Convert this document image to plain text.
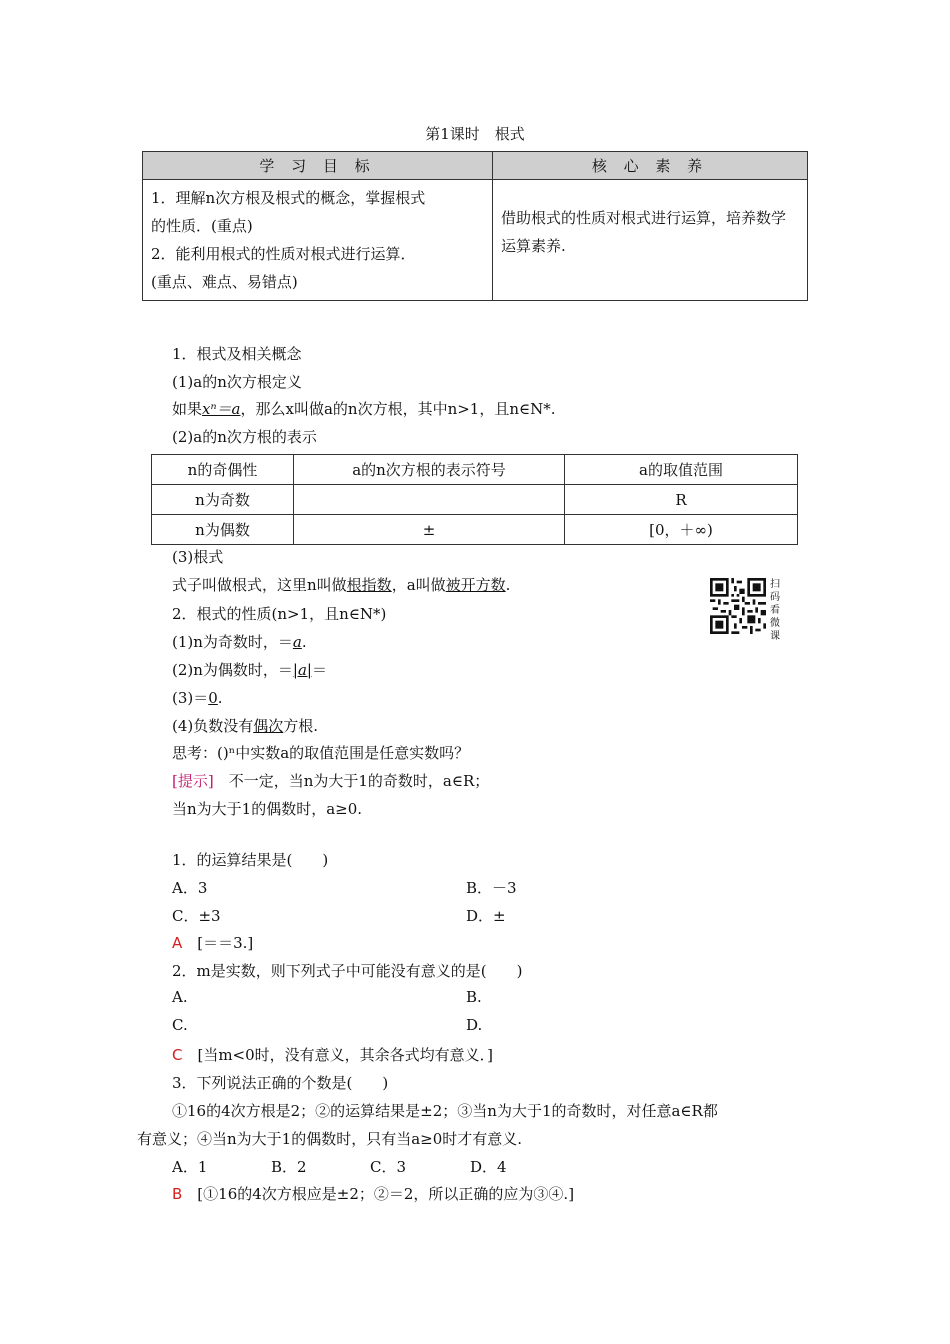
第1课时　根式
学 习 目 标	核 心 素 养

1．理解n次方根及根式的概念，掌握根式
的性质．(重点)
2．能利用根式的性质对根式进行运算．
(重点、难点、易错点)	借助根式的性质对根式进行运算，培养数学运算素养.
1．根式及相关概念
(1)a的n次方根定义
如果xⁿ＝a，那么x叫做a的n次方根，其中n>1，且n∈N*.
(2)a的n次方根的表示
n的奇偶性	a的n次方根的表示符号	a的取值范围
n为奇数		R
n为偶数	±	[0，＋∞)
(3)根式
式子叫做根式，这里n叫做根指数，a叫做被开方数.	扫码看微课
2．根式的性质(n>1，且n∈N*)
(1)n为奇数时，＝a.
(2)n为偶数时，＝|a|＝
(3)＝0.
(4)负数没有偶次方根.
思考：()ⁿ中实数a的取值范围是任意实数吗？
[提示]　不一定，当n为大于1的奇数时，a∈R；
当n为大于1的偶数时，a≥0.
1．的运算结果是(　　)
A．3	B．－3
C．±3	D．±
A　[＝＝3.]
2．m是实数，则下列式子中可能没有意义的是(　　)
A.	B.
C.	D.
C　[当m<0时，没有意义，其余各式均有意义．]
3．下列说法正确的个数是(　　)
①16的4次方根是2；②的运算结果是±2；③当n为大于1的奇数时，对任意a∈R都
有意义；④当n为大于1的偶数时，只有当a≥0时才有意义.
A．1	B．2	C．3	D．4
B　[①16的4次方根应是±2；②＝2，所以正确的应为③④.]
